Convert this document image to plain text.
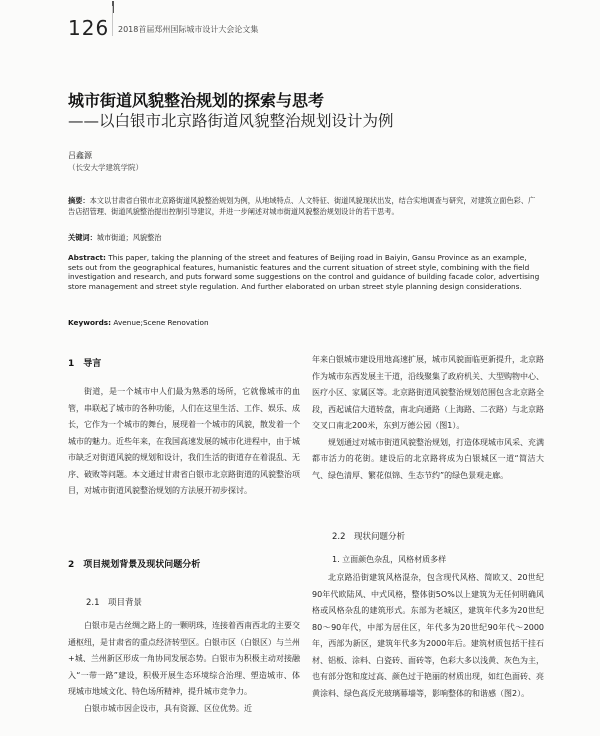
126 2018首届郑州国际城市设计大会论文集
城市街道风貌整治规划的探索与思考
——以白银市北京路街道风貌整治规划设计为例
吕鑫源
（长安大学建筑学院）
摘要：本文以甘肃省白银市北京路街道风貌整治规划为例，从地域特点、人文特征、街道风貌现状出发，结合实地调查与研究，对建筑立面色彩、广告店招管理、街道风貌整治提出控制引导建议，并进一步阐述对城市街道风貌整治规划设计的若干思考。
关键词：城市街道；风貌整治
Abstract: This paper, taking the planning of the street and features of Beijing road in Baiyin, Gansu Province as an example, sets out from the geographical features, humanistic features and the current situation of street style, combining with the field investigation and research, and puts forward some suggestions on the control and guidance of building facade color, advertising store management and street style regulation. And further elaborated on urban street style planning design considerations.
Keywords: Avenue;Scene Renovation
1　导言

街道，是一个城市中人们最为熟悉的场所，它就像城市的血管，串联起了城市的各种功能，人们在这里生活、工作、娱乐、成长，它作为一个城市的舞台，展现着一个城市的风貌，散发着一个城市的魅力。近些年来，在我国高速发展的城市化进程中，由于城市缺乏对街道风貌的规划和设计，我们生活的街道存在着混乱、无序、破败等问题。本文通过甘肃省白银市北京路街道的风貌整治项目，对城市街道风貌整治规划的方法展开初步探讨。

2　项目规划背景及现状问题分析
2.1　项目背景

白银市是古丝绸之路上的一颗明珠，连接着西南西北的主要交通枢纽，是甘肃省的重点经济转型区。白银市区（白银区）与兰州+城、兰州新区形成一角协同发展态势。白银市为积极主动对接融入“一带一路”建设，积极开展生态环境综合治理、塑造城市、体现城市地域文化、特色场所精神，提升城市竞争力。

白银市城市因企设市，具有资源、区位优势。近

年来白银城市建设用地高速扩展，城市风貌面临更新提升，北京路作为城市东西发展主干道，沿线聚集了政府机关、大型购物中心、医疗小区、家属区等。北京路街道风貌整治规划范围包含北京路全段，西起诚信大道转盘，南北向通路（上海路、二衣路）与北京路交叉口南北200米，东到万德公园（图1）。

规划通过对城市街道风貌整治规划，打造体现城市风采、充满都市活力的花街。建设后的北京路将成为白银城区一道“简洁大气、绿色清厚、繁花似锦、生态节约”的绿色景观走廊。

2.2　现状问题分析
1. 立面颜色杂乱，风格材质多样

北京路沿街建筑风格混杂，包含现代风格、简欧又、20世纪90年代欧陆风、中式风格，整体街5O%以上建筑为无任何明确风格或风格杂乱的建筑形式。东部为老城区，建筑年代多为20世纪80～90年代，中部为居住区，年代多为20世纪90年代～2000年，西部为新区，建筑年代多为2000年后。建筑材质包括干挂石材、铝板、涂料、白瓷砖、面砖等，色彩大多以浅黄、灰色为主，也有部分饱和度过高、颜色过于艳丽的材质出现，如红色面砖、亮黄涂料、绿色高反光玻璃幕墙等，影响整体的和谐感（图2）。
